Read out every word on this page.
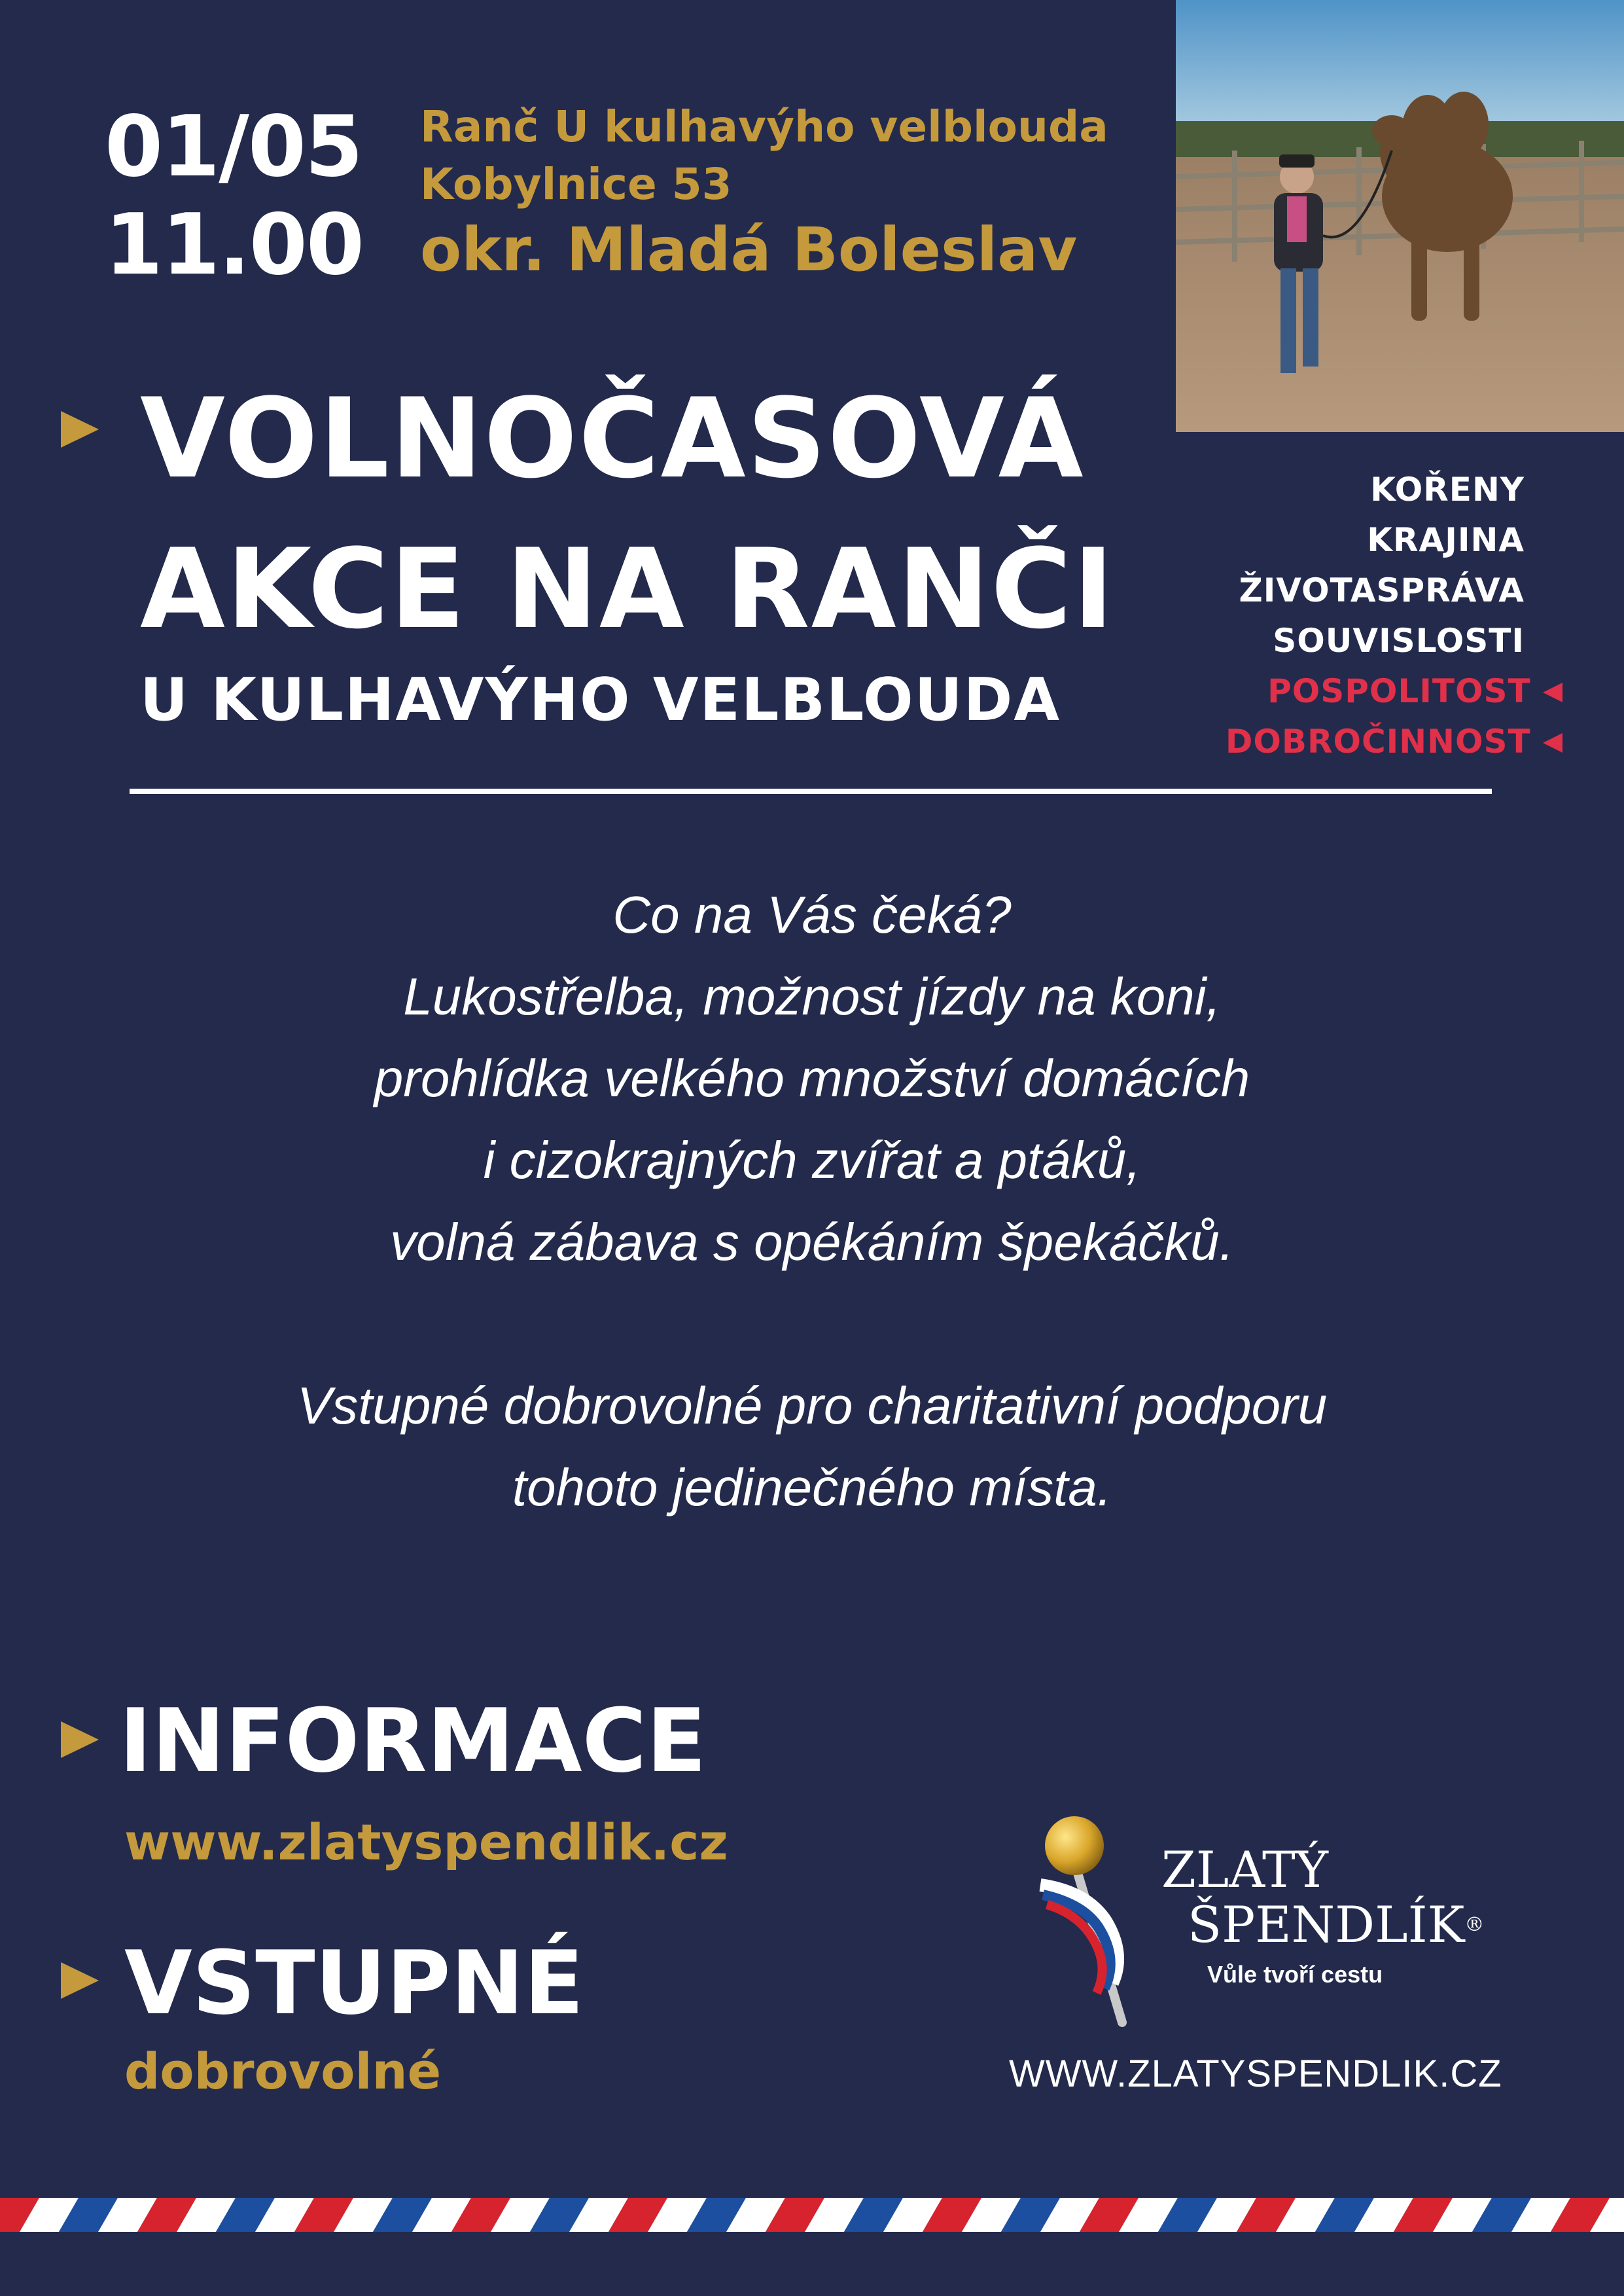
01/05
11.00
Ranč U kulhavýho velblouda
Kobylnice 53
okr. Mladá Boleslav
VOLNOČASOVÁ
AKCE NA RANČI
U KULHAVÝHO VELBLOUDA
KOŘENY
KRAJINA
ŽIVOTASPRÁVA
SOUVISLOSTI
POSPOLITOST
DOBROČINNOST
Co na Vás čeká?
Lukostřelba, možnost jízdy na koni,
prohlídka velkého množství domácích
i cizokrajných zvířat a ptáků,
volná zábava s opékáním špekáčků.
Vstupné dobrovolné pro charitativní podporu
tohoto jedinečného místa.
INFORMACE
www.zlatyspendlik.cz
VSTUPNÉ
dobrovolné
ZLATÝ
ŠPENDLÍK®
Vůle tvoří cestu
WWW.ZLATYSPENDLIK.CZ
